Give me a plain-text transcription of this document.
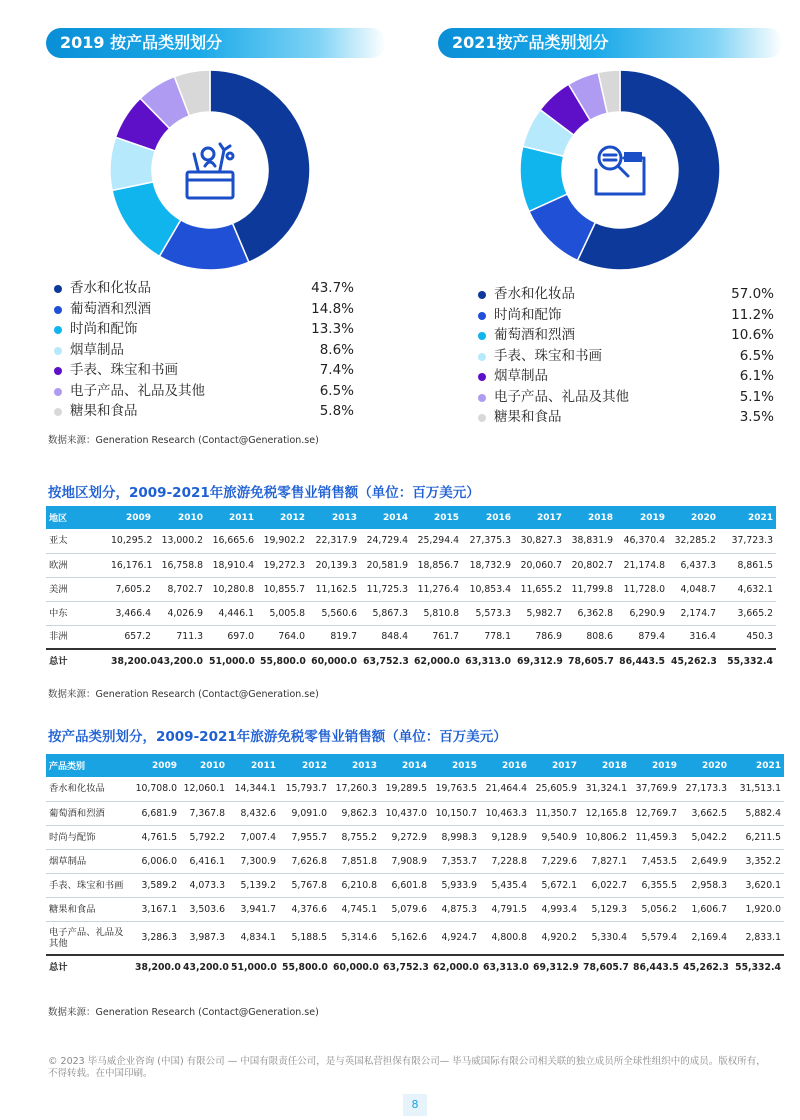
2019 按产品类别划分
香水和化妆品	43.7%
葡萄酒和烈酒	14.8%
时尚和配饰	13.3%
烟草制品	8.6%
手表、珠宝和书画	7.4%
电子产品、礼品及其他	6.5%
糖果和食品	5.8%
2021按产品类别划分
香水和化妆品	57.0%
时尚和配饰	11.2%
葡萄酒和烈酒	10.6%
手表、珠宝和书画	6.5%
烟草制品	6.1%
电子产品、礼品及其他	5.1%
糖果和食品	3.5%
数据来源：Generation Research (Contact@Generation.se)
按地区划分，2009-2021年旅游免税零售业销售额（单位：百万美元）
地区	2009	2010	2011	2012	2013	2014	2015	2016	2017	2018	2019	2020	2021
亚太	10,295.2	13,000.2	16,665.6	19,902.2	22,317.9	24,729.4	25,294.4	27,375.3	30,827.3	38,831.9	46,370.4	32,285.2	37,723.3
欧洲	16,176.1	16,758.8	18,910.4	19,272.3	20,139.3	20,581.9	18,856.7	18,732.9	20,060.7	20,802.7	21,174.8	6,437.3	8,861.5
美洲	7,605.2	8,702.7	10,280.8	10,855.7	11,162.5	11,725.3	11,276.4	10,853.4	11,655.2	11,799.8	11,728.0	4,048.7	4,632.1
中东	3,466.4	4,026.9	4,446.1	5,005.8	5,560.6	5,867.3	5,810.8	5,573.3	5,982.7	6,362.8	6,290.9	2,174.7	3,665.2
非洲	657.2	711.3	697.0	764.0	819.7	848.4	761.7	778.1	786.9	808.6	879.4	316.4	450.3
总计	38,200.0	43,200.0	51,000.0	55,800.0	60,000.0	63,752.3	62,000.0	63,313.0	69,312.9	78,605.7	86,443.5	45,262.3	55,332.4
数据来源：Generation Research (Contact@Generation.se)
按产品类别划分，2009-2021年旅游免税零售业销售额（单位：百万美元）
产品类别	2009	2010	2011	2012	2013	2014	2015	2016	2017	2018	2019	2020	2021
香水和化妆品	10,708.0	12,060.1	14,344.1	15,793.7	17,260.3	19,289.5	19,763.5	21,464.4	25,605.9	31,324.1	37,769.9	27,173.3	31,513.1
葡萄酒和烈酒	6,681.9	7,367.8	8,432.6	9,091.0	9,862.3	10,437.0	10,150.7	10,463.3	11,350.7	12,165.8	12,769.7	3,662.5	5,882.4
时尚与配饰	4,761.5	5,792.2	7,007.4	7,955.7	8,755.2	9,272.9	8,998.3	9,128.9	9,540.9	10,806.2	11,459.3	5,042.2	6,211.5
烟草制品	6,006.0	6,416.1	7,300.9	7,626.8	7,851.8	7,908.9	7,353.7	7,228.8	7,229.6	7,827.1	7,453.5	2,649.9	3,352.2
手表、珠宝和书画	3,589.2	4,073.3	5,139.2	5,767.8	6,210.8	6,601.8	5,933.9	5,435.4	5,672.1	6,022.7	6,355.5	2,958.3	3,620.1
糖果和食品	3,167.1	3,503.6	3,941.7	4,376.6	4,745.1	5,079.6	4,875.3	4,791.5	4,993.4	5,129.3	5,056.2	1,606.7	1,920.0
电子产品、礼品及其他	3,286.3	3,987.3	4,834.1	5,188.5	5,314.6	5,162.6	4,924.7	4,800.8	4,920.2	5,330.4	5,579.4	2,169.4	2,833.1
总计	38,200.0	43,200.0	51,000.0	55,800.0	60,000.0	63,752.3	62,000.0	63,313.0	69,312.9	78,605.7	86,443.5	45,262.3	55,332.4
数据来源：Generation Research (Contact@Generation.se)
© 2023 毕马威企业咨询 (中国) 有限公司 — 中国有限责任公司，是与英国私营担保有限公司— 毕马威国际有限公司相关联的独立成员所全球性组织中的成员。版权所有，不得转载。在中国印刷。
8
